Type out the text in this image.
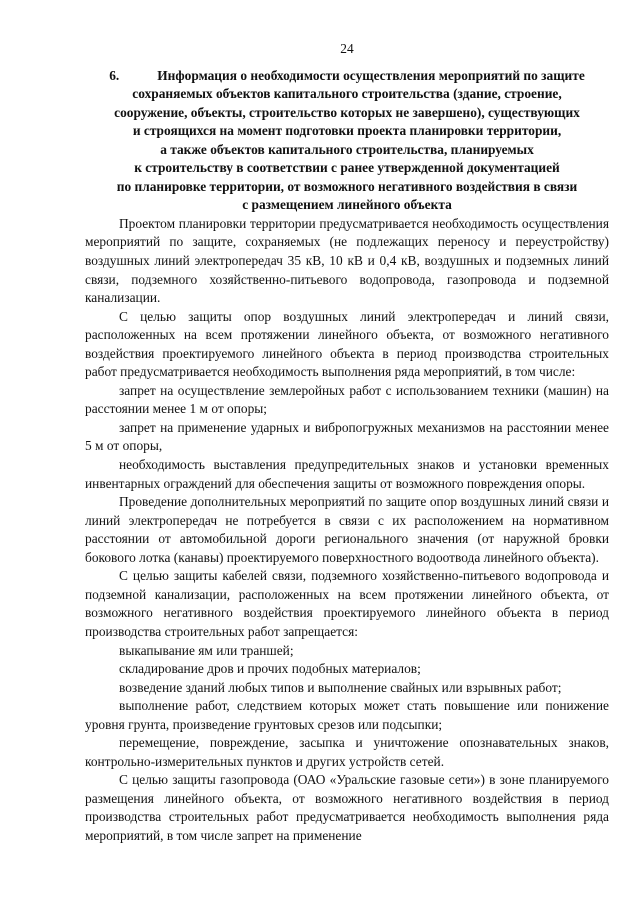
24
6.	Информация о необходимости осуществления мероприятий по защите
сохраняемых объектов капитального строительства (здание, строение,
сооружение, объекты, строительство которых не завершено), существующих
и строящихся на момент подготовки проекта планировки территории,
а также объектов капитального строительства, планируемых
к строительству в соответствии с ранее утвержденной документацией
по планировке территории, от возможного негативного воздействия в связи
с размещением линейного объекта

Проектом планировки территории предусматривается необходимость осуществления мероприятий по защите, сохраняемых (не подлежащих переносу и переустройству) воздушных линий электропередач 35 кВ, 10 кВ и 0,4 кВ, воздушных и подземных линий связи, подземного хозяйственно-питьевого водопровода, газопровода и подземной канализации.

С целью защиты опор воздушных линий электропередач и линий связи, расположенных на всем протяжении линейного объекта, от возможного негативного воздействия проектируемого линейного объекта в период производства строительных работ предусматривается необходимость выполнения ряда мероприятий, в том числе:

запрет на осуществление землеройных работ с использованием техники (машин) на расстоянии менее 1 м от опоры;

запрет на применение ударных и вибропогружных механизмов на расстоянии менее 5 м от опоры,

необходимость выставления предупредительных знаков и установки временных инвентарных ограждений для обеспечения защиты от возможного повреждения опоры.

Проведение дополнительных мероприятий по защите опор воздушных линий связи и линий электропередач не потребуется в связи с их расположением на нормативном расстоянии от автомобильной дороги регионального значения (от наружной бровки бокового лотка (канавы) проектируемого поверхностного водоотвода линейного объекта).

С целью защиты кабелей связи, подземного хозяйственно-питьевого водопровода и подземной канализации, расположенных на всем протяжении линейного объекта, от возможного негативного воздействия проектируемого линейного объекта в период производства строительных работ запрещается:

выкапывание ям или траншей;

складирование дров и прочих подобных материалов;

возведение зданий любых типов и выполнение свайных или взрывных работ;

выполнение работ, следствием которых может стать повышение или понижение уровня грунта, произведение грунтовых срезов или подсыпки;

перемещение, повреждение, засыпка и уничтожение опознавательных знаков, контрольно-измерительных пунктов и других устройств сетей.

С целью защиты газопровода (ОАО «Уральские газовые сети») в зоне планируемого размещения линейного объекта, от возможного негативного воздействия в период производства строительных работ предусматривается необходимость выполнения ряда мероприятий, в том числе запрет на применение
